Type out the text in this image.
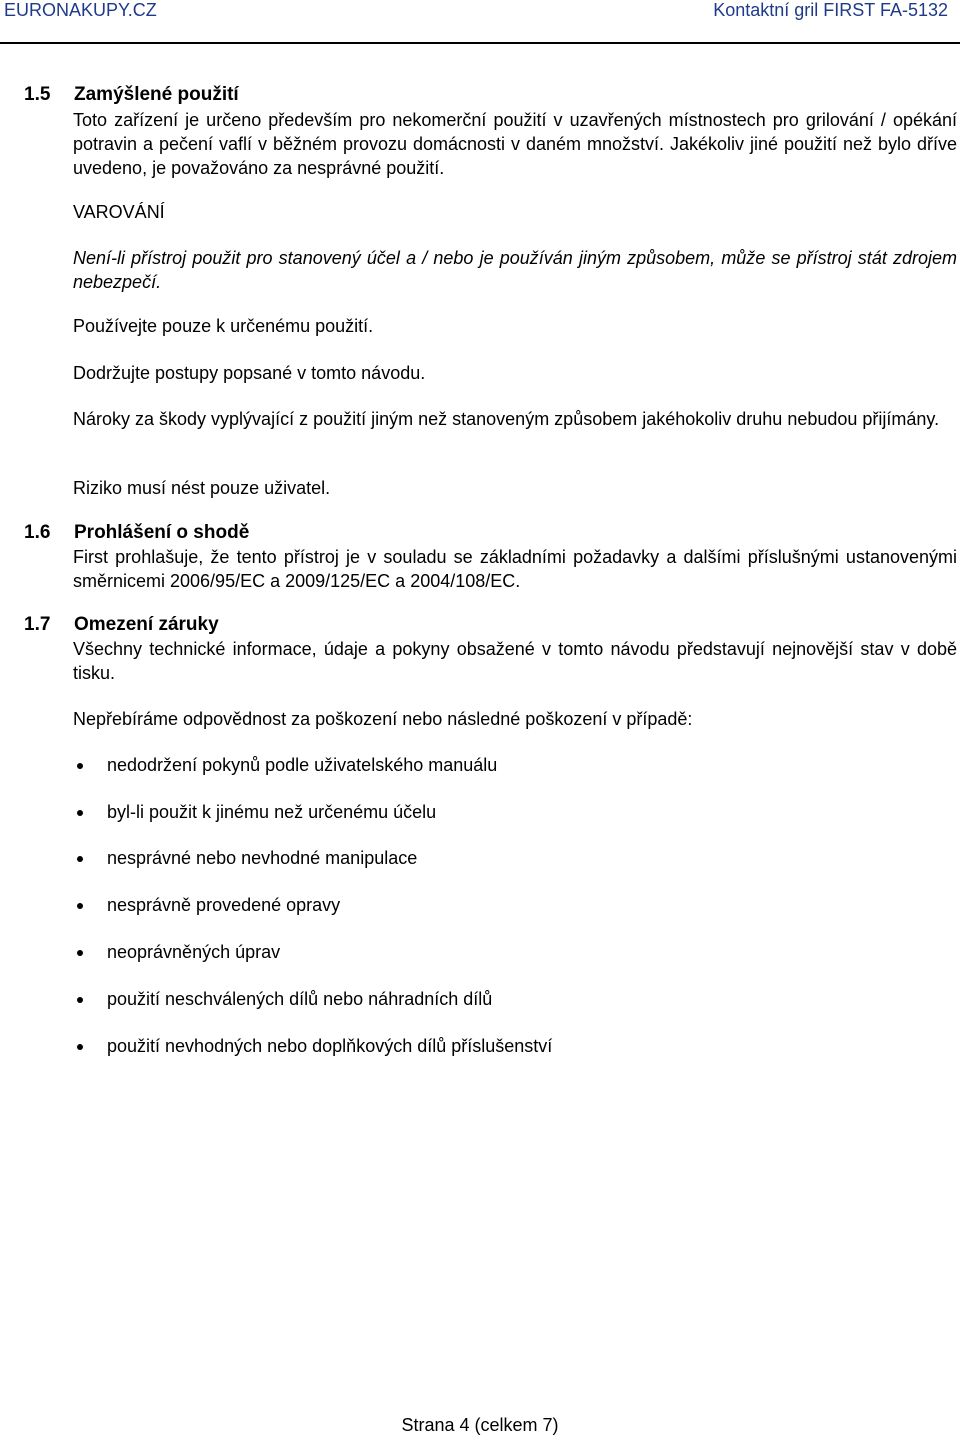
EURONAKUPY.CZ	Kontaktní gril FIRST FA-5132
1.5 Zamýšlené použití
Toto zařízení je určeno především pro nekomerční použití v uzavřených místnostech pro grilování / opékání potravin a pečení vaflí v běžném provozu domácnosti v daném množství. Jakékoliv jiné použití než bylo dříve uvedeno, je považováno za nesprávné použití.
VAROVÁNÍ
Není-li přístroj použit pro stanovený účel a / nebo je používán jiným způsobem, může se přístroj stát zdrojem nebezpečí.
Používejte pouze k určenému použití.
Dodržujte postupy popsané v tomto návodu.
Nároky za škody vyplývající z použití jiným než stanoveným způsobem jakéhokoliv druhu nebudou přijímány.
Riziko musí nést pouze uživatel.
1.6 Prohlášení o shodě
First prohlašuje, že tento přístroj je v souladu se základními požadavky a dalšími příslušnými ustanovenými směrnicemi 2006/95/EC a 2009/125/EC a 2004/108/EC.
1.7 Omezení záruky
Všechny technické informace, údaje a pokyny obsažené v tomto návodu představují nejnovější stav v době tisku.
Nepřebíráme odpovědnost za poškození nebo následné poškození v případě:
nedodržení pokynů podle uživatelského manuálu
byl-li použit k jinému než určenému účelu
nesprávné nebo nevhodné manipulace
nesprávně provedené opravy
neoprávněných úprav
použití neschválených dílů nebo náhradních dílů
použití nevhodných nebo doplňkových dílů příslušenství
Strana 4 (celkem 7)
